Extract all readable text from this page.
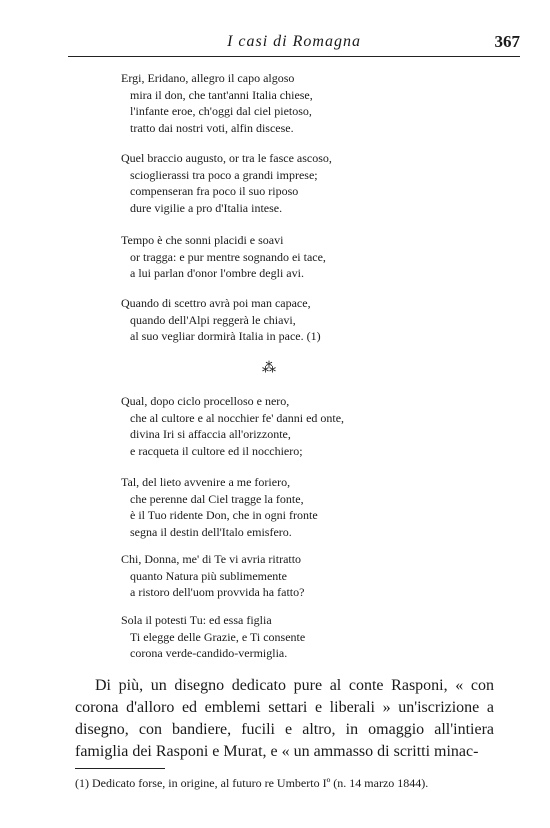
I casi di Romagna	367
Ergi, Eridano, allegro il capo algoso
mira il don, che tant'anni Italia chiese,
l'infante eroe, ch'oggi dal ciel pietoso,
tratto dai nostri voti, alfin discese.
Quel braccio augusto, or tra le fasce ascoso,
scioglierassi tra poco a grandi imprese;
compenseran fra poco il suo riposo
dure vigilie a pro d'Italia intese.
Tempo è che sonni placidi e soavi
or tragga: e pur mentre sognando ei tace,
a lui parlan d'onor l'ombre degli avi.
Quando di scettro avrà poi man capace,
quando dell'Alpi reggerà le chiavi,
al suo vegliar dormirà Italia in pace. (1)
⁂
Qual, dopo ciclo procelloso e nero,
che al cultore e al nocchier fe' danni ed onte,
divina Iri si affaccia all'orizzonte,
e racqueta il cultore ed il nocchiero;
Tal, del lieto avvenire a me foriero,
che perenne dal Ciel tragge la fonte,
è il Tuo ridente Don, che in ogni fronte
segna il destin dell'Italo emisfero.
Chi, Donna, me' di Te vi avria ritratto
quanto Natura più sublimemente
a ristoro dell'uom provvida ha fatto?
Sola il potesti Tu: ed essa figlia
Ti elegge delle Grazie, e Ti consente
corona verde-candido-vermiglia.

Di più, un disegno dedicato pure al conte Rasponi, « con corona d'alloro ed emblemi settari e liberali » un'iscrizione a disegno, con bandiere, fucili e altro, in omaggio all'intiera famiglia dei Rasponi e Murat, e « un ammasso di scritti minac-

(1) Dedicato forse, in origine, al futuro re Umberto Iº (n. 14 marzo 1844).
